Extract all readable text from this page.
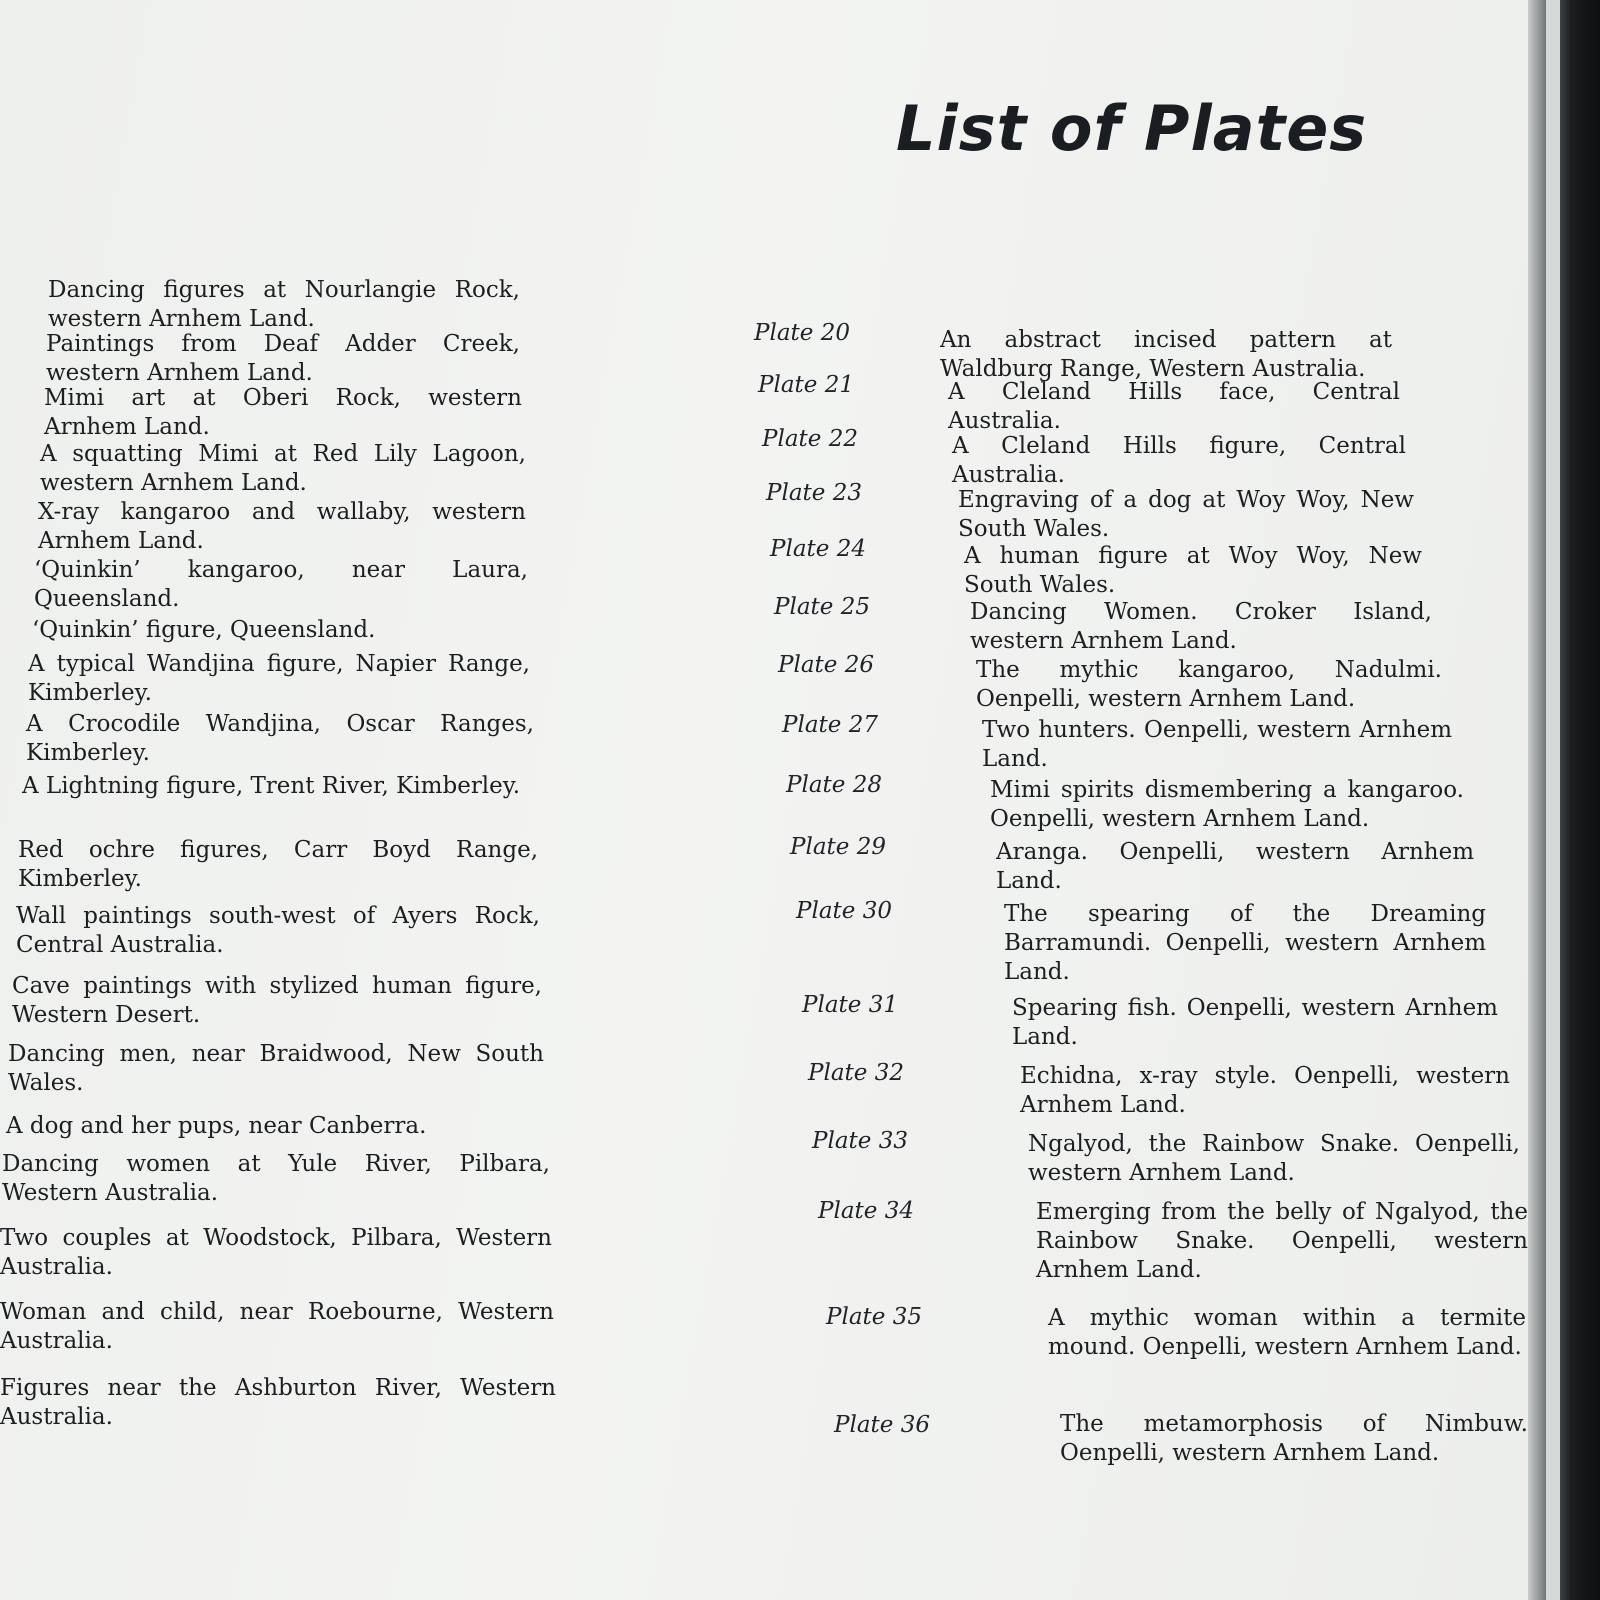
List of Plates
Dancing figures at Nourlangie Rock, western Arnhem Land.
Paintings from Deaf Adder Creek, western Arnhem Land.
Mimi art at Oberi Rock, western Arnhem Land.
A squatting Mimi at Red Lily Lagoon, western Arnhem Land.
X-ray kangaroo and wallaby, western Arnhem Land.
‘Quinkin’ kangaroo, near Laura, Queensland.
‘Quinkin’ figure, Queensland.
A typical Wandjina figure, Napier Range, Kimberley.
A Crocodile Wandjina, Oscar Ranges, Kimberley.
A Lightning figure, Trent River, Kimberley.
Red ochre figures, Carr Boyd Range, Kimberley.
Wall paintings south-west of Ayers Rock, Central Australia.
Cave paintings with stylized human figure, Western Desert.
Dancing men, near Braidwood, New South Wales.
A dog and her pups, near Canberra.
Dancing women at Yule River, Pilbara, Western Australia.
Two couples at Woodstock, Pilbara, Western Australia.
Woman and child, near Roebourne, Western Australia.
Figures near the Ashburton River, Western Australia.
Plate 20	An abstract incised pattern at Waldburg Range, Western Australia.
Plate 21	A Cleland Hills face, Central Australia.
Plate 22	A Cleland Hills figure, Central Australia.
Plate 23	Engraving of a dog at Woy Woy, New South Wales.
Plate 24	A human figure at Woy Woy, New South Wales.
Plate 25	Dancing Women. Croker Island, western Arnhem Land.
Plate 26	The mythic kangaroo, Nadulmi. Oenpelli, western Arnhem Land.
Plate 27	Two hunters. Oenpelli, western Arnhem Land.
Plate 28	Mimi spirits dismembering a kangaroo. Oenpelli, western Arnhem Land.
Plate 29	Aranga. Oenpelli, western Arnhem Land.
Plate 30	The spearing of the Dreaming Barramundi. Oenpelli, western Arnhem Land.
Plate 31	Spearing fish. Oenpelli, western Arnhem Land.
Plate 32	Echidna, x-ray style. Oenpelli, western Arnhem Land.
Plate 33	Ngalyod, the Rainbow Snake. Oenpelli, western Arnhem Land.
Plate 34	Emerging from the belly of Ngalyod, the Rainbow Snake. Oenpelli, western Arnhem Land.
Plate 35	A mythic woman within a termite mound. Oenpelli, western Arnhem Land.
Plate 36	The metamorphosis of Nimbuw. Oenpelli, western Arnhem Land.
